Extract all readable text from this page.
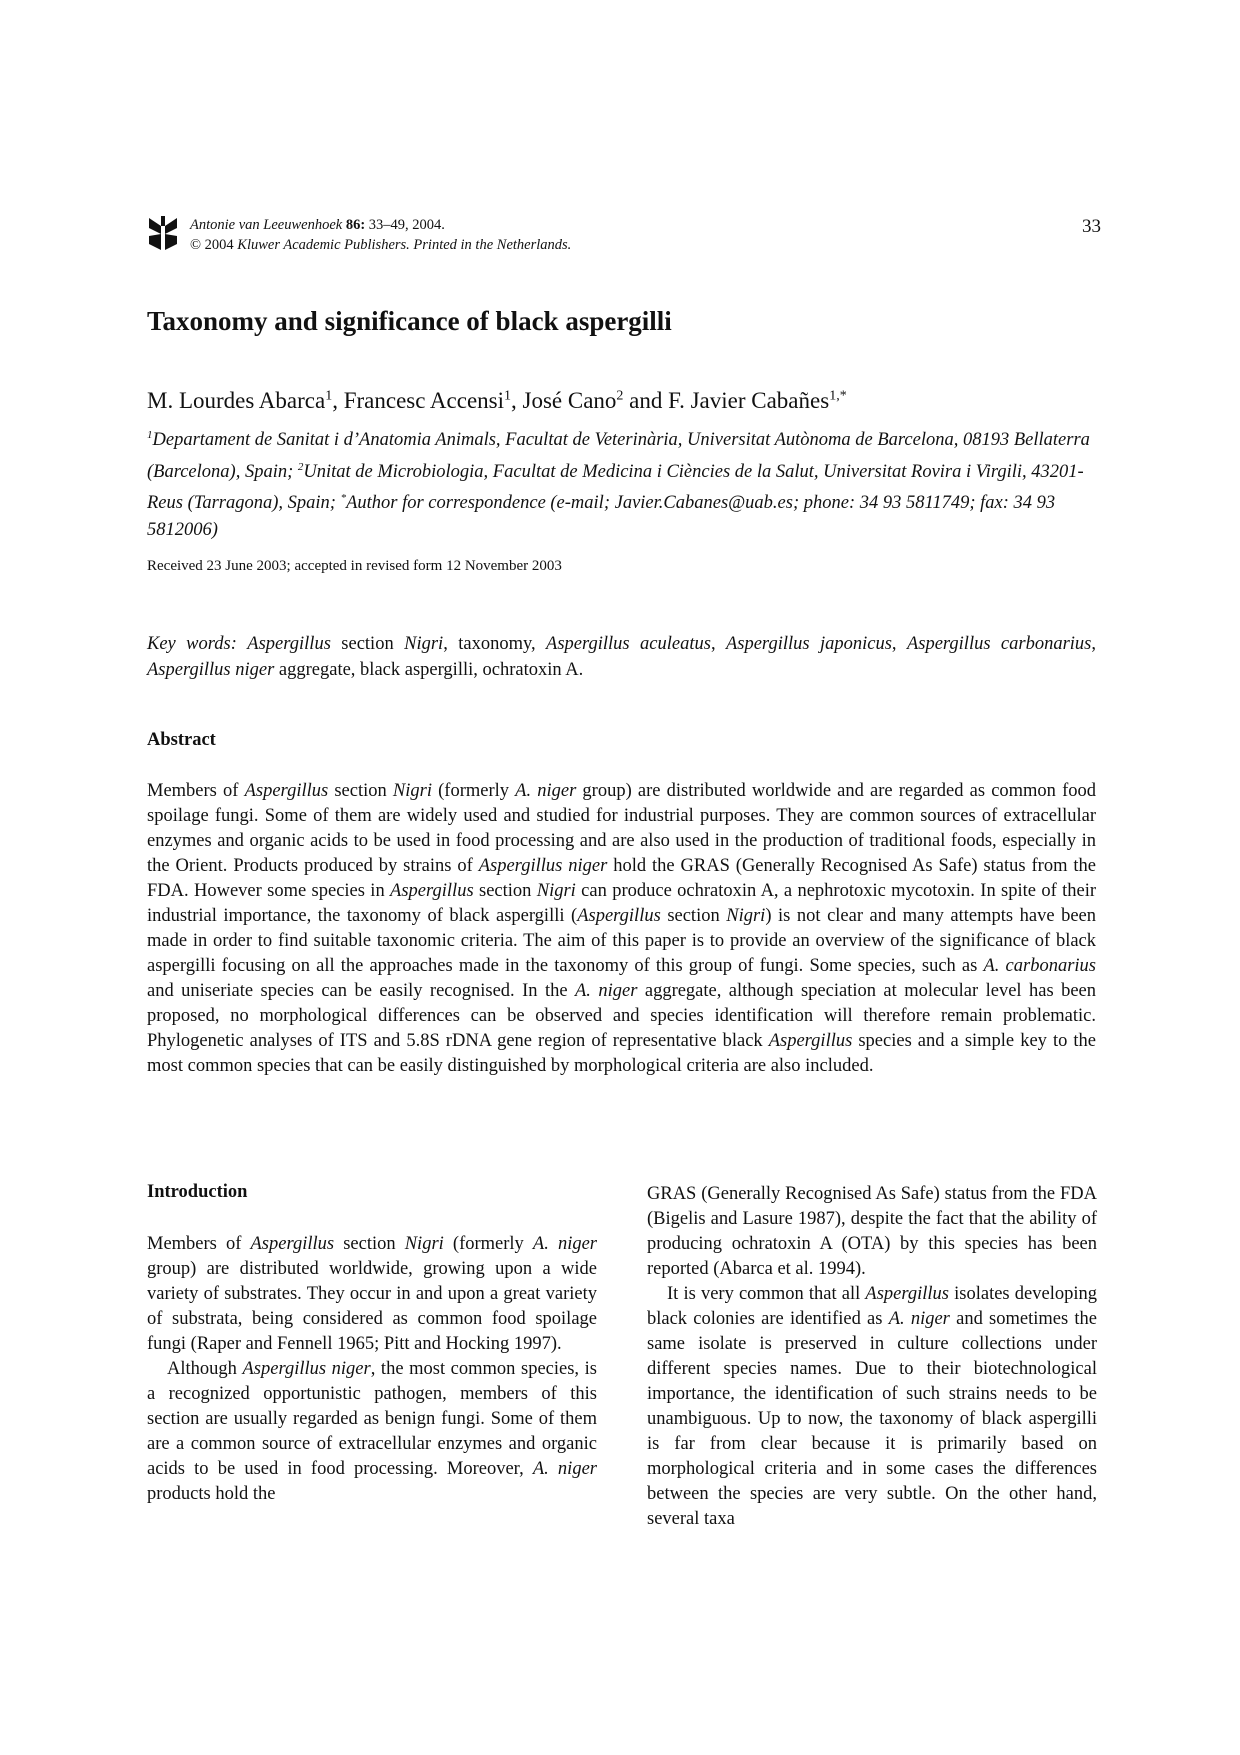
Antonie van Leeuwenhoek 86: 33–49, 2004.
© 2004 Kluwer Academic Publishers. Printed in the Netherlands.
33
Taxonomy and significance of black aspergilli
M. Lourdes Abarca$^1$, Francesc Accensi$^1$, José Cano$^2$ and F. Javier Cabañes$^{1,*}$
$^1$Departament de Sanitat i d’Anatomia Animals, Facultat de Veterinària, Universitat Autònoma de Barcelona, 08193 Bellaterra (Barcelona), Spain; $^2$Unitat de Microbiologia, Facultat de Medicina i Ciències de la Salut, Universitat Rovira i Virgili, 43201-Reus (Tarragona), Spain; *Author for correspondence (e-mail; Javier.Cabanes@uab.es; phone: 34 93 5811749; fax: 34 93 5812006)
Received 23 June 2003; accepted in revised form 12 November 2003
Key words: Aspergillus section Nigri, taxonomy, Aspergillus aculeatus, Aspergillus japonicus, Aspergillus carbonarius, Aspergillus niger aggregate, black aspergilli, ochratoxin A.
Abstract

Members of Aspergillus section Nigri (formerly A. niger group) are distributed worldwide and are regarded as common food spoilage fungi. Some of them are widely used and studied for industrial purposes. They are common sources of extracellular enzymes and organic acids to be used in food processing and are also used in the production of traditional foods, especially in the Orient. Products produced by strains of Aspergillus niger hold the GRAS (Generally Recognised As Safe) status from the FDA. However some species in Aspergillus section Nigri can produce ochratoxin A, a nephrotoxic mycotoxin. In spite of their industrial importance, the taxonomy of black aspergilli (Aspergillus section Nigri) is not clear and many attempts have been made in order to find suitable taxonomic criteria. The aim of this paper is to provide an overview of the significance of black aspergilli focusing on all the approaches made in the taxonomy of this group of fungi. Some species, such as A. carbonarius and uniseriate species can be easily recognised. In the A. niger aggregate, although speciation at molecular level has been proposed, no morphological differences can be observed and species identification will therefore remain problematic. Phylogenetic analyses of ITS and 5.8S rDNA gene region of representative black Aspergillus species and a simple key to the most common species that can be easily distinguished by morphological criteria are also included.

Introduction

Members of Aspergillus section Nigri (formerly A. niger group) are distributed worldwide, growing upon a wide variety of substrates. They occur in and upon a great variety of substrata, being considered as common food spoilage fungi (Raper and Fennell 1965; Pitt and Hocking 1997).

Although Aspergillus niger, the most common species, is a recognized opportunistic pathogen, members of this section are usually regarded as benign fungi. Some of them are a common source of extracellular enzymes and organic acids to be used in food processing. Moreover, A. niger products hold the

GRAS (Generally Recognised As Safe) status from the FDA (Bigelis and Lasure 1987), despite the fact that the ability of producing ochratoxin A (OTA) by this species has been reported (Abarca et al. 1994).

It is very common that all Aspergillus isolates developing black colonies are identified as A. niger and sometimes the same isolate is preserved in culture collections under different species names. Due to their biotechnological importance, the identification of such strains needs to be unambiguous. Up to now, the taxonomy of black aspergilli is far from clear because it is primarily based on morphological criteria and in some cases the differences between the species are very subtle. On the other hand, several taxa
